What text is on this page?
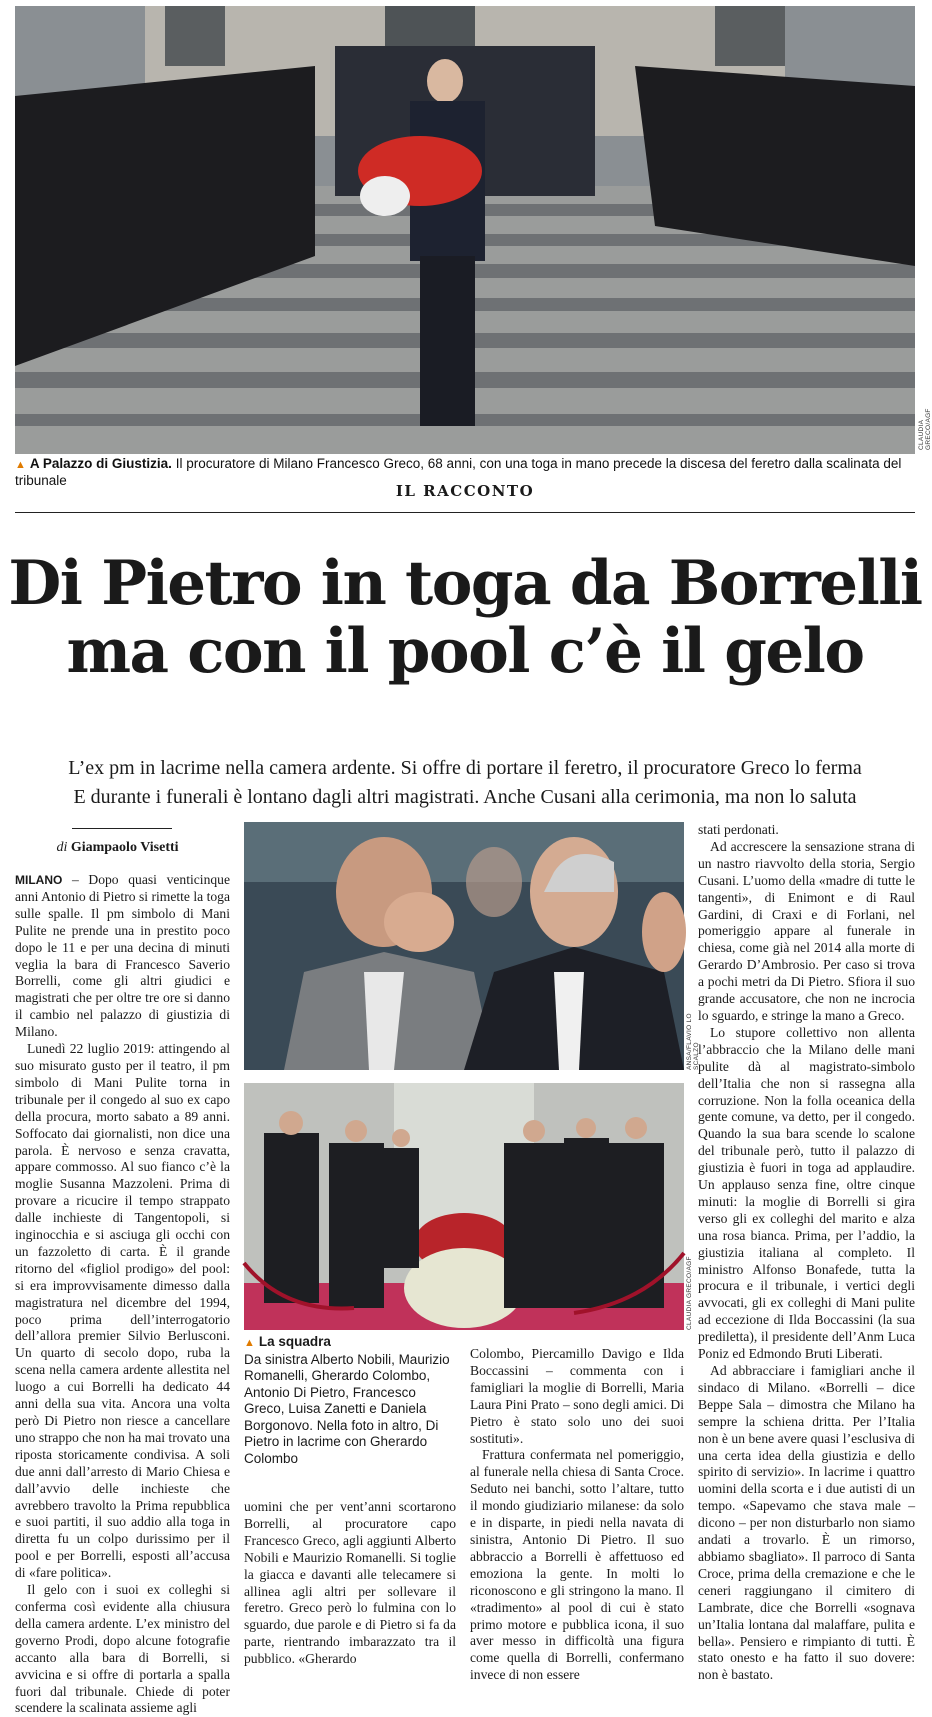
CLAUDIA GRECO/AGF
▲ A Palazzo di Giustizia. Il procuratore di Milano Francesco Greco, 68 anni, con una toga in mano precede la discesa del feretro dalla scalinata del tribunale
IL RACCONTO
Di Pietro in toga da Borrelli
ma con il pool c’è il gelo
L’ex pm in lacrime nella camera ardente. Si offre di portare il feretro, il procuratore Greco lo ferma
E durante i funerali è lontano dagli altri magistrati. Anche Cusani alla cerimonia, ma non lo saluta
di Giampaolo Visetti

MILANO – Dopo quasi venticinque anni Antonio di Pietro si rimette la toga sulle spalle. Il pm simbolo di Mani Pulite ne prende una in prestito poco dopo le 11 e per una decina di minuti veglia la bara di Francesco Saverio Borrelli, come gli altri giudici e magistrati che per oltre tre ore si danno il cambio nel palazzo di giustizia di Milano.

Lunedì 22 luglio 2019: attingendo al suo misurato gusto per il teatro, il pm simbolo di Mani Pulite torna in tribunale per il congedo al suo ex capo della procura, morto sabato a 89 anni. Soffocato dai giornalisti, non dice una parola. È nervoso e senza cravatta, appare commosso. Al suo fianco c’è la moglie Susanna Mazzoleni. Prima di provare a ricucire il tempo strappato dalle inchieste di Tangentopoli, si inginocchia e si asciuga gli occhi con un fazzoletto di carta. È il grande ritorno del «figliol prodigo» del pool: si era improvvisamente dimesso dalla magistratura nel dicembre del 1994, poco prima dell’interrogatorio dell’allora premier Silvio Berlusconi. Un quarto di secolo dopo, ruba la scena nella camera ardente allestita nel luogo a cui Borrelli ha dedicato 44 anni della sua vita. Ancora una volta però Di Pietro non riesce a cancellare uno strappo che non ha mai trovato una riposta storicamente condivisa. A soli due anni dall’arresto di Mario Chiesa e dall’avvio delle inchieste che avrebbero travolto la Prima repubblica e suoi partiti, il suo addio alla toga in diretta fu un colpo durissimo per il pool e per Borrelli, esposti all’accusa di «fare politica».

Il gelo con i suoi ex colleghi si conferma così evidente alla chiusura della camera ardente. L’ex ministro del governo Prodi, dopo alcune fotografie accanto alla bara di Borrelli, si avvicina e si offre di portarla a spalla fuori dal tribunale. Chiede di poter scendere la scalinata assieme agli

ANSA/FLAVIO LO SCALZO
CLAUDIA GRECO/AGF
▲ La squadra
Da sinistra Alberto Nobili, Maurizio Romanelli, Gherardo Colombo, Antonio Di Pietro, Francesco Greco, Luisa Zanetti e Daniela Borgonovo. Nella foto in altro, Di Pietro in lacrime con Gherardo Colombo

uomini che per vent’anni scortarono Borrelli, al procuratore capo Francesco Greco, agli aggiunti Alberto Nobili e Maurizio Romanelli. Si toglie la giacca e davanti alle telecamere si allinea agli altri per sollevare il feretro. Greco però lo fulmina con lo sguardo, due parole e di Pietro si fa da parte, rientrando imbarazzato tra il pubblico. «Gherardo

Colombo, Piercamillo Davigo e Ilda Boccassini – commenta con i famigliari la moglie di Borrelli, Maria Laura Pini Prato – sono degli amici. Di Pietro è stato solo uno dei suoi sostituti».

Frattura confermata nel pomeriggio, al funerale nella chiesa di Santa Croce. Seduto nei banchi, sotto l’altare, tutto il mondo giudiziario milanese: da solo e in disparte, in piedi nella navata di sinistra, Antonio Di Pietro. Il suo abbraccio a Borrelli è affettuoso ed emoziona la gente. In molti lo riconoscono e gli stringono la mano. Il «tradimento» al pool di cui è stato primo motore e pubblica icona, il suo aver messo in difficoltà una figura come quella di Borrelli, confermano invece di non essere

stati perdonati.

Ad accrescere la sensazione strana di un nastro riavvolto della storia, Sergio Cusani. L’uomo della «madre di tutte le tangenti», di Enimont e di Raul Gardini, di Craxi e di Forlani, nel pomeriggio appare al funerale in chiesa, come già nel 2014 alla morte di Gerardo D’Ambrosio. Per caso si trova a pochi metri da Di Pietro. Sfiora il suo grande accusatore, che non ne incrocia lo sguardo, e stringe la mano a Greco.

Lo stupore collettivo non allenta l’abbraccio che la Milano delle mani pulite dà al magistrato-simbolo dell’Italia che non si rassegna alla corruzione. Non la folla oceanica della gente comune, va detto, per il congedo. Quando la sua bara scende lo scalone del tribunale però, tutto il palazzo di giustizia è fuori in toga ad applaudire. Un applauso senza fine, oltre cinque minuti: la moglie di Borrelli si gira verso gli ex colleghi del marito e alza una rosa bianca. Prima, per l’addio, la giustizia italiana al completo. Il ministro Alfonso Bonafede, tutta la procura e il tribunale, i vertici degli avvocati, gli ex colleghi di Mani pulite ad eccezione di Ilda Boccassini (la sua prediletta), il presidente dell’Anm Luca Poniz ed Edmondo Bruti Liberati.

Ad abbracciare i famigliari anche il sindaco di Milano. «Borrelli – dice Beppe Sala – dimostra che Milano ha sempre la schiena dritta. Per l’Italia non è un bene avere quasi l’esclusiva di una certa idea della giustizia e dello spirito di servizio». In lacrime i quattro uomini della scorta e i due autisti di un tempo. «Sapevamo che stava male – dicono – per non disturbarlo non siamo andati a trovarlo. È un rimorso, abbiamo sbagliato». Il parroco di Santa Croce, prima della cremazione e che le ceneri raggiungano il cimitero di Lambrate, dice che Borrelli «sognava un’Italia lontana dal malaffare, pulita e bella». Pensiero e rimpianto di tutti. È stato onesto e ha fatto il suo dovere: non è bastato.
